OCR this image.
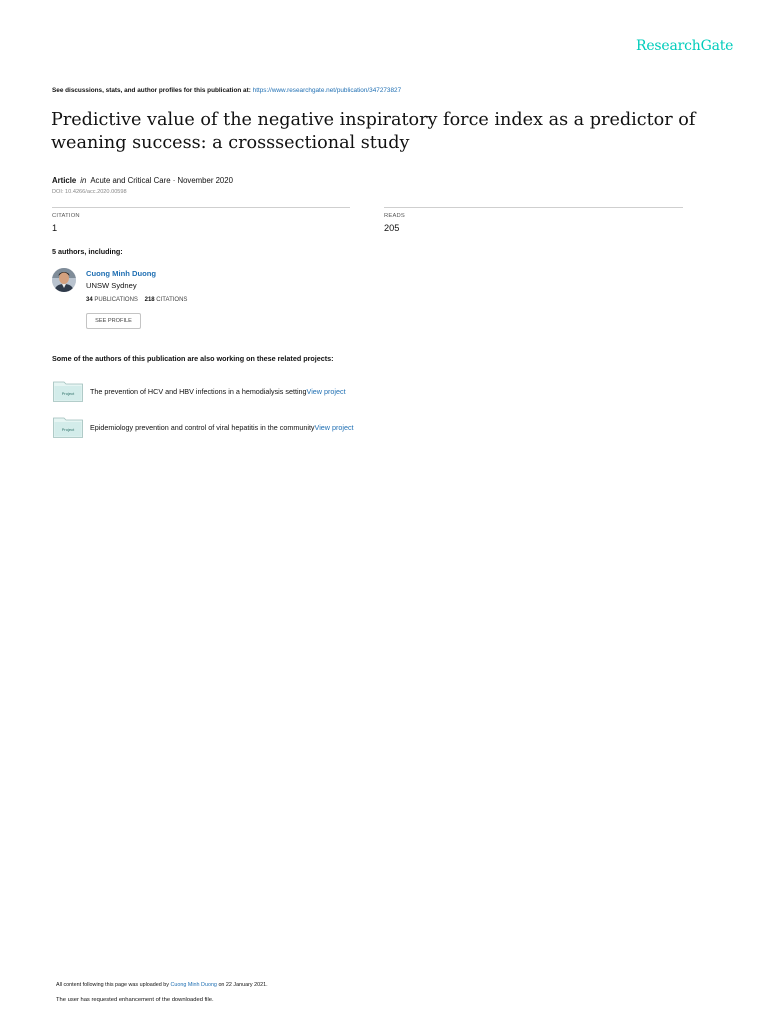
ResearchGate
See discussions, stats, and author profiles for this publication at: https://www.researchgate.net/publication/347273827
Predictive value of the negative inspiratory force index as a predictor of weaning success: a crosssectional study
Article in Acute and Critical Care · November 2020
DOI: 10.4266/acc.2020.00598
CITATION
1
READS
205
5 authors, including:
Cuong Minh Duong
UNSW Sydney
34 PUBLICATIONS 218 CITATIONS
SEE PROFILE
Some of the authors of this publication are also working on these related projects:
Project The prevention of HCV and HBV infections in a hemodialysis settingView project
Project Epidemiology prevention and control of viral hepatitis in the communityView project
All content following this page was uploaded by Cuong Minh Duong on 22 January 2021.
The user has requested enhancement of the downloaded file.
